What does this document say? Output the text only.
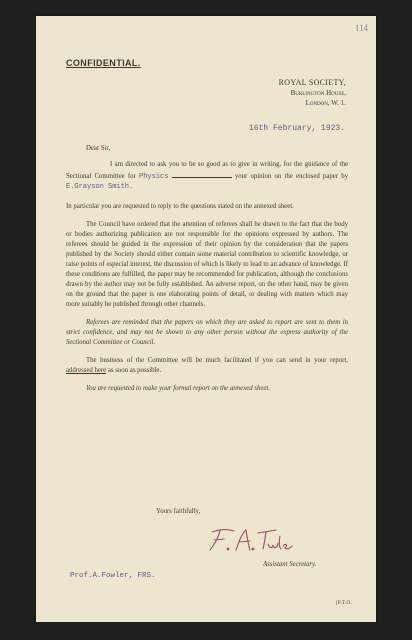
114
CONFIDENTIAL.
ROYAL SOCIETY,
Burlington House,
London, W. 1.
16th February, 1923.

Dear Sir,

I am directed to ask you to be so good as to give in writing, for the guidance of the Sectional Committee for Physics	your opinion on the enclosed paper by E.Grayson Smith.

In particular you are requested to reply to the questions stated on the annexed sheet.

The Council have ordered that the attention of referees shall be drawn to the fact that the body or bodies authorizing publication are not responsible for the opinions expressed by authors. The referees should be guided in the expression of their opinion by the consideration that the papers published by the Society should either contain some material contribution to scientific knowledge, or raise points of especial interest, the discussion of which is likely to lead to an advance of knowledge. If these conditions are fulfilled, the paper may be recommended for publication, although the conclusions drawn by the author may not be fully established. An adverse report, on the other hand, may be given on the ground that the paper is one elaborating points of detail, or dealing with matters which may more suitably be published through other channels.

Referees are reminded that the papers on which they are asked to report are sent to them in strict confidence, and may not be shown to any other person without the express authority of the Sectional Committee or Council.

The business of the Committee will be much facilitated if you can send in your report, addressed here as soon as possible.

You are requested to make your formal report on the annexed sheet.

Yours faithfully,
Assistant Secretary.
Prof.A.Fowler, FRS.
[P.T.O.
